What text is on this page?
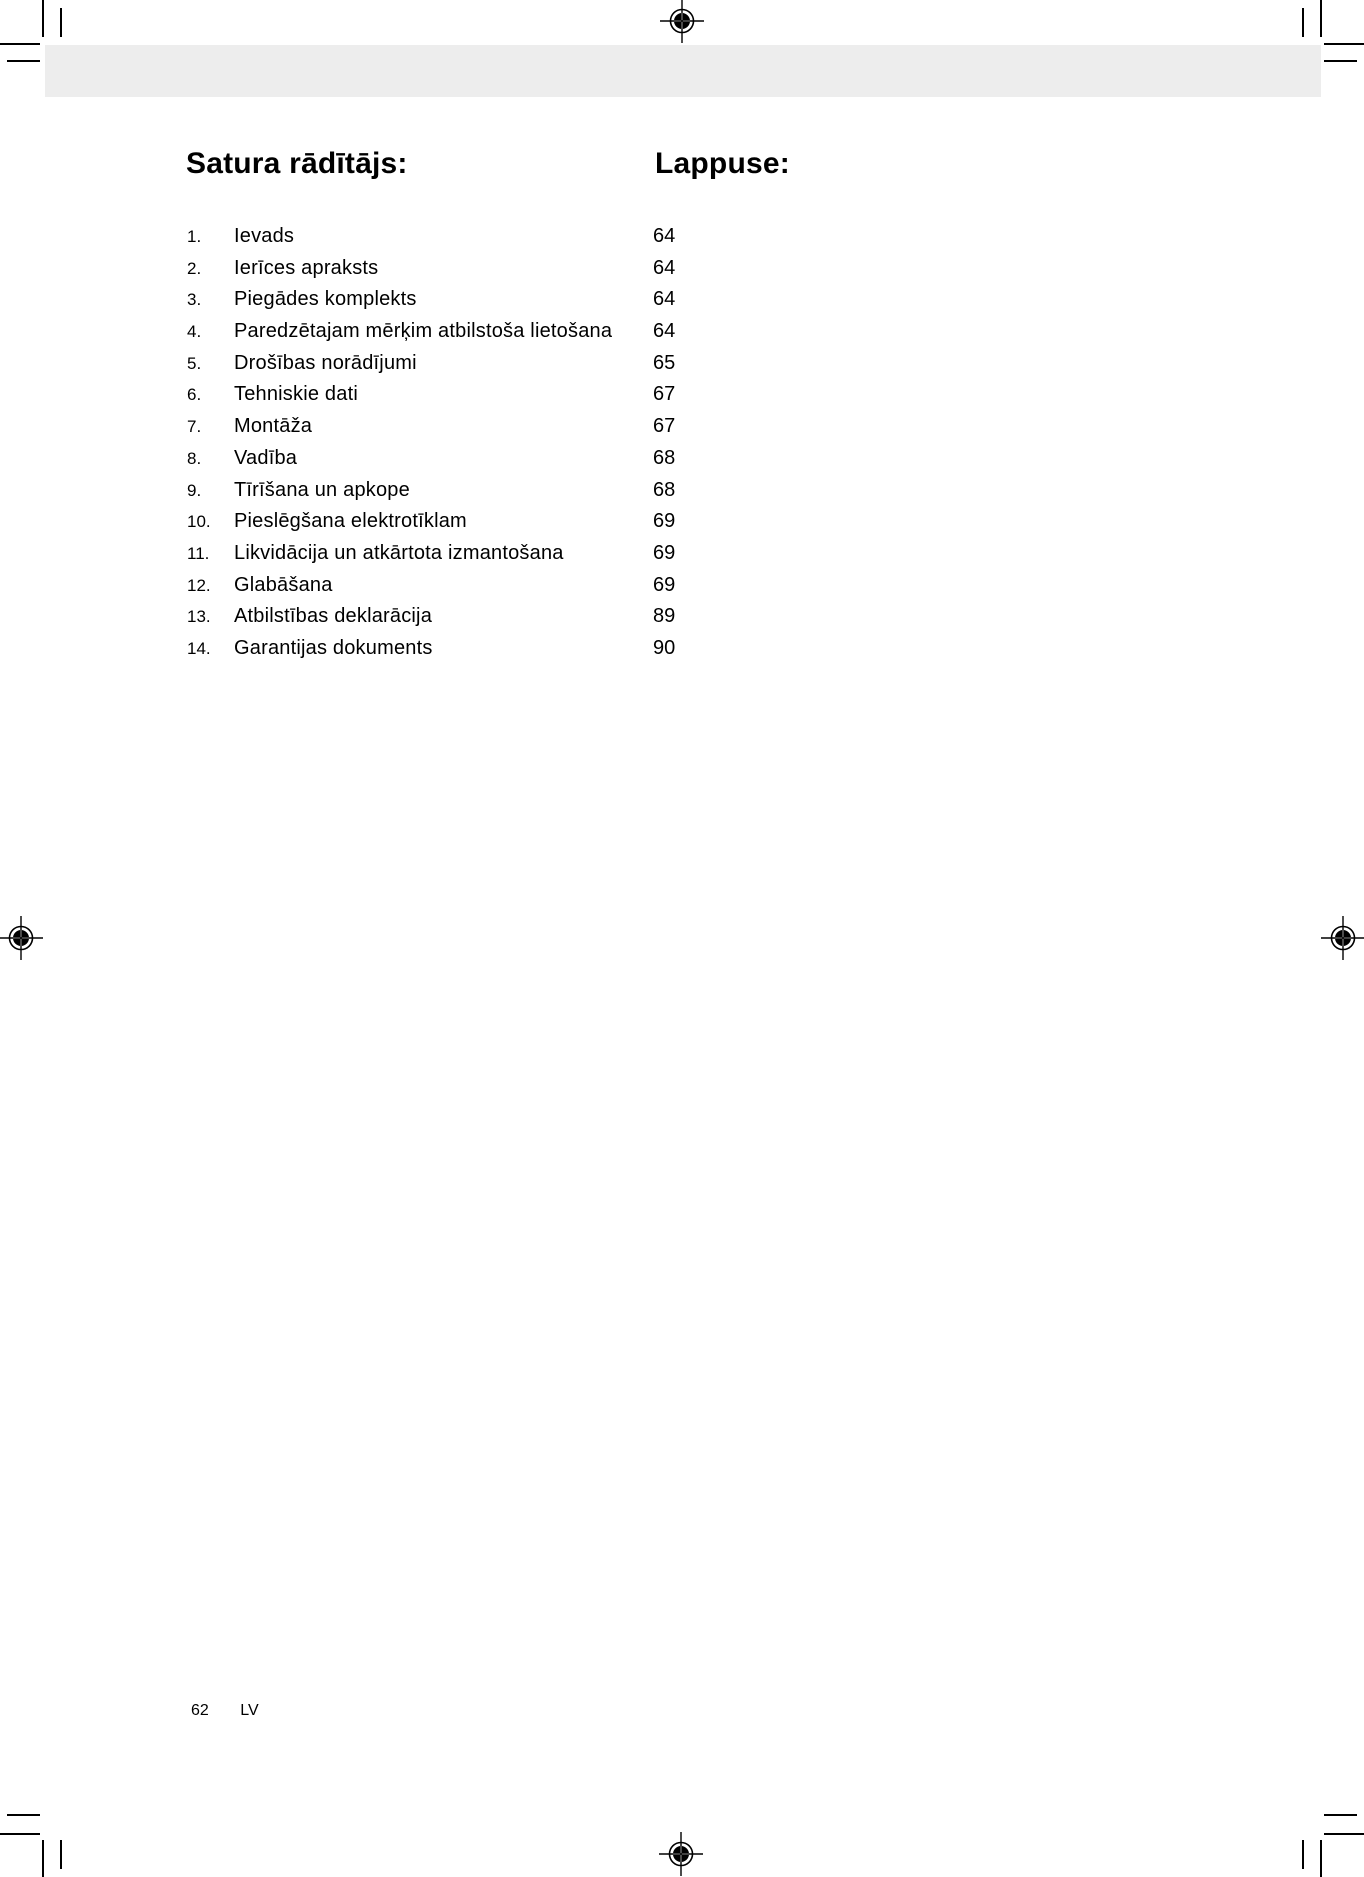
Satura rādītājs:	Lappuse:
1. Ievads	64
2. Ierīces apraksts	64
3. Piegādes komplekts	64
4. Paredzētajam mērķim atbilstoša lietošana 64
5. Drošības norādījumi	65
6. Tehniskie dati	67
7. Montāža	67
8. Vadība	68
9. Tīrīšana un apkope	68
10. Pieslēgšana elektrotīklam	69
11. Likvidācija un atkārtota izmantošana	69
12. Glabāšana	69
13. Atbilstības deklarācija	89
14. Garantijas dokuments	90
62 LV
